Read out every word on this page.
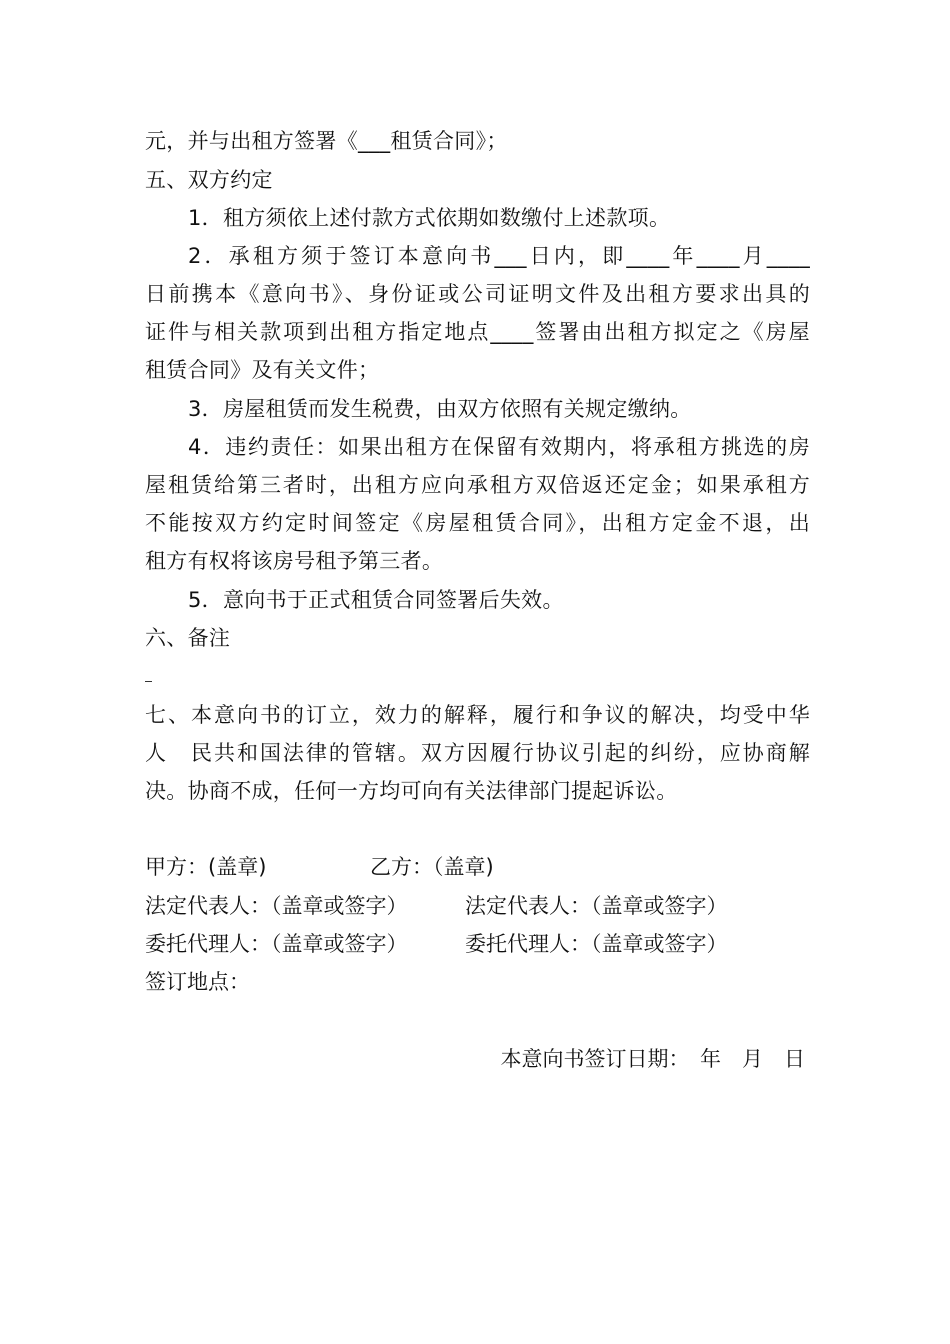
元，并与出租方签署《___租赁合同》；
五、双方约定
1．租方须依上述付款方式依期如数缴付上述款项。
2．承租方须于签订本意向书___日内，即____年____月____
日前携本《意向书》、身份证或公司证明文件及出租方要求出具的
证件与相关款项到出租方指定地点____签署由出租方拟定之《房屋
租赁合同》及有关文件；
3．房屋租赁而发生税费，由双方依照有关规定缴纳。
4．违约责任：如果出租方在保留有效期内，将承租方挑选的房
屋租赁给第三者时，出租方应向承租方双倍返还定金；如果承租方
不能按双方约定时间签定《房屋租赁合同》，出租方定金不退，出
租方有权将该房号租予第三者。
5．意向书于正式租赁合同签署后失效。
六、备注
七、本意向书的订立，效力的解释，履行和争议的解决，均受中华
人　民共和国法律的管辖。双方因履行协议引起的纠纷，应协商解
决。协商不成，任何一方均可向有关法律部门提起诉讼。
甲方：(盖章)	乙方：（盖章)
法定代表人：（盖章或签字）	法定代表人：（盖章或签字）
委托代理人：（盖章或签字）	委托代理人：（盖章或签字）
签订地点：
本意向书签订日期：　年　月　日
